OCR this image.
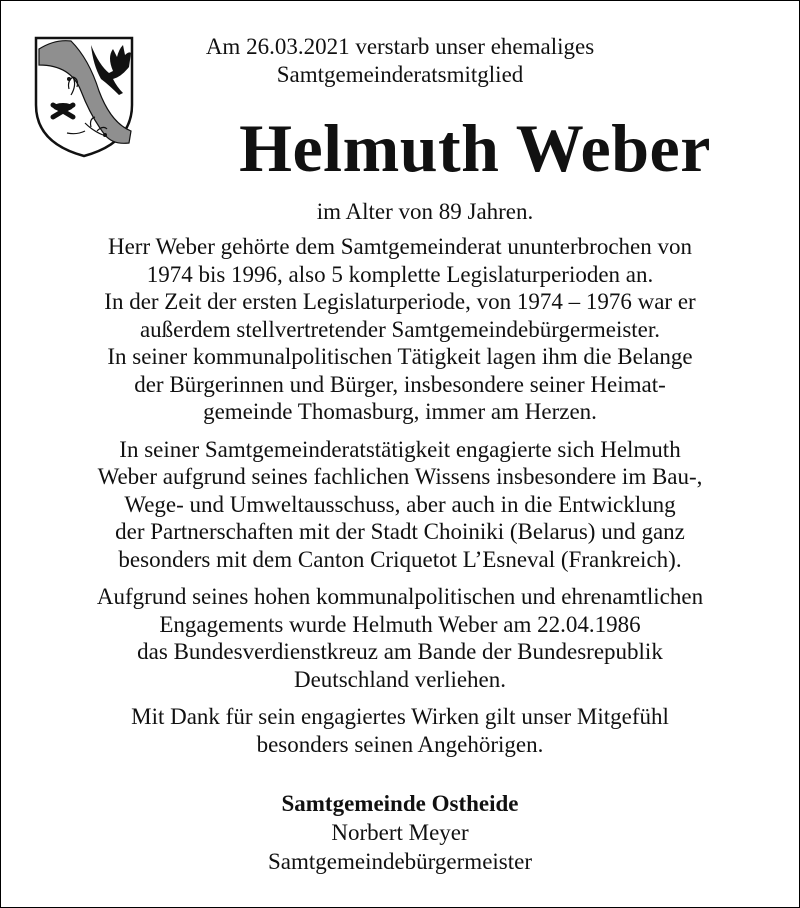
Am 26.03.2021 verstarb unser ehemaliges
Samtgemeinderatsmitglied
Helmuth Weber
im Alter von 89 Jahren.

Herr Weber gehörte dem Samtgemeinderat ununterbrochen von
1974 bis 1996, also 5 komplette Legislaturperioden an.
In der Zeit der ersten Legislaturperiode, von 1974 – 1976 war er
außerdem stellvertretender Samtgemeindebürgermeister.
In seiner kommunalpolitischen Tätigkeit lagen ihm die Belange
der Bürgerinnen und Bürger, insbesondere seiner Heimat-
gemeinde Thomasburg, immer am Herzen.

In seiner Samtgemeinderatstätigkeit engagierte sich Helmuth
Weber aufgrund seines fachlichen Wissens insbesondere im Bau-,
Wege- und Umweltausschuss, aber auch in die Entwicklung
der Partnerschaften mit der Stadt Choiniki (Belarus) und ganz
besonders mit dem Canton Criquetot L’Esneval (Frankreich).

Aufgrund seines hohen kommunalpolitischen und ehrenamtlichen
Engagements wurde Helmuth Weber am 22.04.1986
das Bundesverdienstkreuz am Bande der Bundesrepublik
Deutschland verliehen.

Mit Dank für sein engagiertes Wirken gilt unser Mitgefühl
besonders seinen Angehörigen.

Samtgemeinde Ostheide
Norbert Meyer
Samtgemeindebürgermeister
